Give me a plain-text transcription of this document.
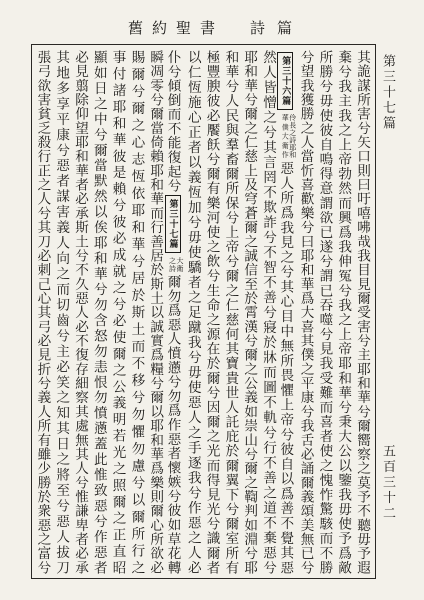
舊約聖書 詩篇
第三十七篇
五百三十二
其詭謀所害兮矢口則曰吁嘻咈哉我目見爾受害兮主耶和華兮爾嚮察之莫予不聽毋予遐
棄兮我主我之上帝勃然而興爲我伸冤兮我之上帝耶和華兮秉大公以鑒我毋使予爲敵
所勝兮毋使彼自鳴得意謂欲已遂兮謂已吞噬兮見我受難而喜者使之愧怍驚駭而不勝
兮望我獲勝之人當忻喜歡樂兮曰耶和華爲大喜其僕之平康兮我舌必誦爾義頌美無已兮
第三十六篇伶長之詩耶和華僕大衛作惡人所爲我見之兮其心目中無所畏懼上帝兮彼自以爲善不覺其惡
然人皆憎之兮其言罔不欺詐兮不智不善兮寢於牀而圖不軌兮行不善之道不棄惡兮
耶和華兮爾之仁慈上及穹蒼爾之誠信至於霄漢兮爾之公義如崇山兮爾之鞫判如淵兮耶
和華兮人民與羣畜爾所保兮上帝兮爾之仁慈何其寶貴世人託庇於爾翼下兮爾室所有
極豐腴彼必饜飫兮爾有樂河使之飲兮生命之源在於爾兮因爾之光而得見光兮識爾者
以仁恆施心正者以義恆加兮毋使驕者之足蹴我兮毋使惡人之手逐我兮作惡之人必
仆兮傾倒而不能復起兮第三十七篇大衛之詩爾勿爲惡人憤懣兮勿爲作惡者懷嫉兮彼如草花轉
瞬凋零兮爾當倚賴耶和華而行善居於斯土以誠實爲糧兮爾以耶和華爲樂則爾心所欲必
賜爾兮爾之心志恆依耶和華兮居於斯土而不移兮勿懼勿慮兮以爾所行之
事付諸耶和華彼是賴兮彼必成就之兮必使爾之公義明若光之照爾之正直昭
顯如日之中兮爾當默然以俟耶和華兮勿含怒勿恚恨勿憤懣蓋此惟致惡兮作惡者
必見翦除仰望耶和華者必承斯土兮不久惡人必不復存細察其處無其人兮惟謙卑者必承
其地多享平康兮惡者謀害義人向之而切齒兮主必笑之知其日之將至兮惡人拔刀
張弓欲害貧乏殺行正之人兮其刀必刺己心其弓必見折兮義人所有雖少勝於衆惡之富兮
